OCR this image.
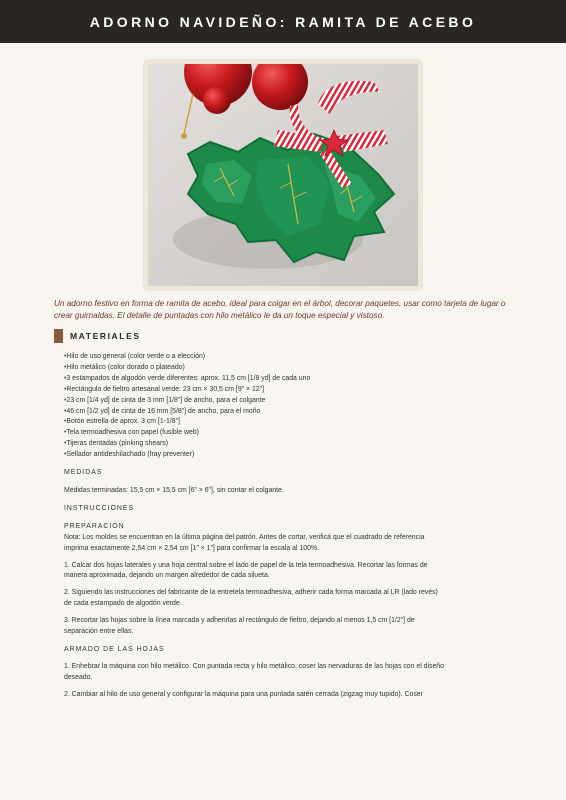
ADORNO NAVIDEÑO: RAMITA DE ACEBO

Un adorno festivo en forma de ramita de acebo, ideal para colgar en el árbol, decorar paquetes, usar como tarjeta de lugar o crear guirnaldas. El detalle de puntadas con hilo metálico le da un toque especial y vistoso.

MATERIALES
• Hilo de uso general (color verde o a elección)
• Hilo metálico (color dorado o plateado)
• 3 estampados de algodón verde diferentes: aprox. 11,5 cm [1/8 yd] de cada uno
• Rectángulo de fieltro artesanal verde: 23 cm × 30,5 cm [9" × 12"]
• 23 cm [1/4 yd] de cinta de 3 mm [1/8"] de ancho, para el colgante
• 46 cm [1/2 yd] de cinta de 16 mm [5/8"] de ancho, para el moño
• Botón estrella de aprox. 3 cm [1-1/8"]
• Tela termoadhesiva con papel (fusible web)
• Tijeras dentadas (pinking shears)
• Sellador antideshilachado (fray preventer)
MEDIDAS

Medidas terminadas: 15,5 cm × 15,5 cm [6" × 6"], sin contar el colgante.

INSTRUCCIONES
PREPARACIÓN

Nota: Los moldes se encuentran en la última página del patrón. Antes de cortar, verificá que el cuadrado de referencia

imprima exactamente 2,54 cm × 2,54 cm [1" × 1"] para confirmar la escala al 100%.

1. Calcar dos hojas laterales y una hoja central sobre el lado de papel de la tela termoadhesiva. Recortar las formas de

manera aproximada, dejando un margen alrededor de cada silueta.

2. Siguiendo las instrucciones del fabricante de la entretela termoadhesiva, adherir cada forma marcada al LR (lado revés)

de cada estampado de algodón verde.

3. Recortar las hojas sobre la línea marcada y adherirlas al rectángulo de fieltro, dejando al menos 1,5 cm [1/2"] de

separación entre ellas.

ARMADO DE LAS HOJAS

1. Enhebrar la máquina con hilo metálico. Con puntada recta y hilo metálico, coser las nervaduras de las hojas con el diseño

deseado.

2. Cambiar al hilo de uso general y configurar la máquina para una puntada satén cerrada (zigzag muy tupido). Coser
